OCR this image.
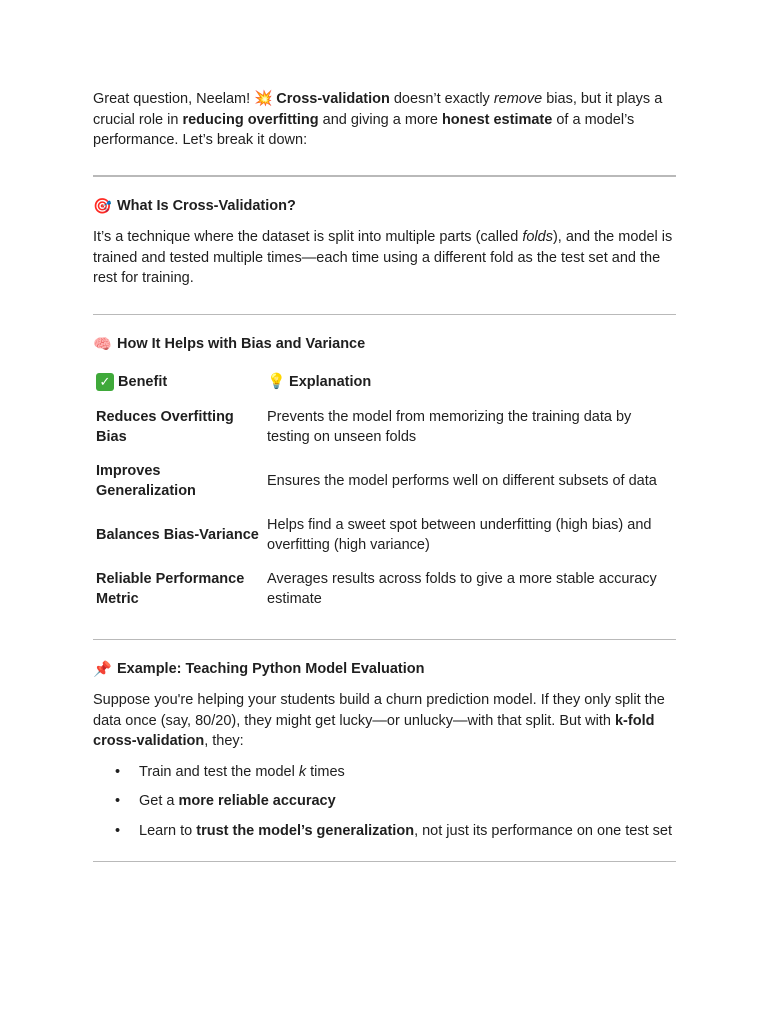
Great question, Neelam! 💥 Cross-validation doesn’t exactly remove bias, but it plays a crucial role in reducing overfitting and giving a more honest estimate of a model’s performance. Let’s break it down:

🎯 What Is Cross-Validation?

It’s a technique where the dataset is split into multiple parts (called folds), and the model is trained and tested multiple times—each time using a different fold as the test set and the rest for training.

🧠 How It Helps with Bias and Variance
✓ Benefit	💡 Explanation
Reduces Overfitting Bias	Prevents the model from memorizing the training data by testing on unseen folds
Improves Generalization	Ensures the model performs well on different subsets of data
Balances Bias-Variance	Helps find a sweet spot between underfitting (high bias) and overfitting (high variance)
Reliable Performance Metric	Averages results across folds to give a more stable accuracy estimate
📌 Example: Teaching Python Model Evaluation

Suppose you're helping your students build a churn prediction model. If they only split the data once (say, 80/20), they might get lucky—or unlucky—with that split. But with k-fold cross-validation, they:

• Train and test the model k times
• Get a more reliable accuracy
• Learn to trust the model’s generalization, not just its performance on one test set
